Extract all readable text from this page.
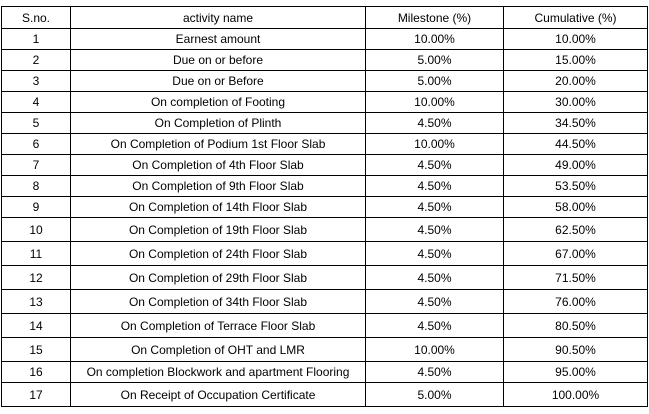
S.no.	activity name	Milestone (%)	Cumulative (%)
1	Earnest amount	10.00%	10.00%
2	Due on or before	5.00%	15.00%
3	Due on or Before	5.00%	20.00%
4	On completion of Footing	10.00%	30.00%
5	On Completion of Plinth	4.50%	34.50%
6	On Completion of Podium 1st Floor Slab	10.00%	44.50%
7	On Completion of 4th Floor Slab	4.50%	49.00%
8	On Completion of 9th Floor Slab	4.50%	53.50%
9	On Completion of 14th Floor Slab	4.50%	58.00%
10	On Completion of 19th Floor Slab	4.50%	62.50%
11	On Completion of 24th Floor Slab	4.50%	67.00%
12	On Completion of 29th Floor Slab	4.50%	71.50%
13	On Completion of 34th Floor Slab	4.50%	76.00%
14	On Completion of Terrace Floor Slab	4.50%	80.50%
15	On Completion of OHT and LMR	10.00%	90.50%
16	On completion Blockwork and apartment Flooring	4.50%	95.00%
17	On Receipt of Occupation Certificate	5.00%	100.00%
